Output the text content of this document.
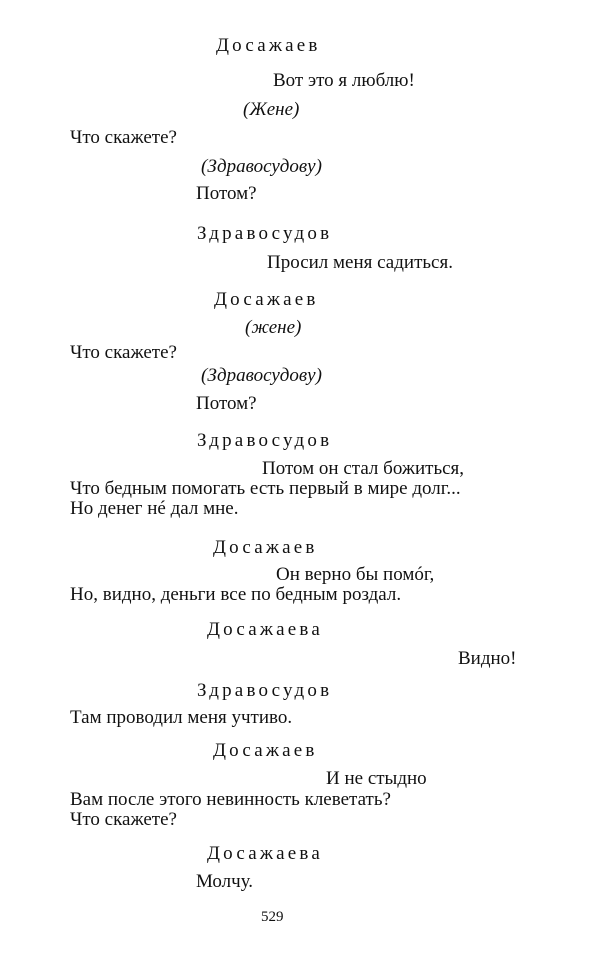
Досажаев
Вот это я люблю!
(Жене)
Что скажете?
(Здравосудову)
Потом?
Здравосудов
Просил меня садиться.
Досажаев
(жене)
Что скажете?
(Здравосудову)
Потом?
Здравосудов
Потом он стал божиться,
Что бедным помогать есть первый в мире долг...
Но денег нé дал мне.
Досажаев
Он верно бы помóг,
Но, видно, деньги все по бедным роздал.
Досажаева
Видно!
Здравосудов
Там проводил меня учтиво.
Досажаев
И не стыдно
Вам после этого невинность клеветать?
Что скажете?
Досажаева
Молчу.
529
